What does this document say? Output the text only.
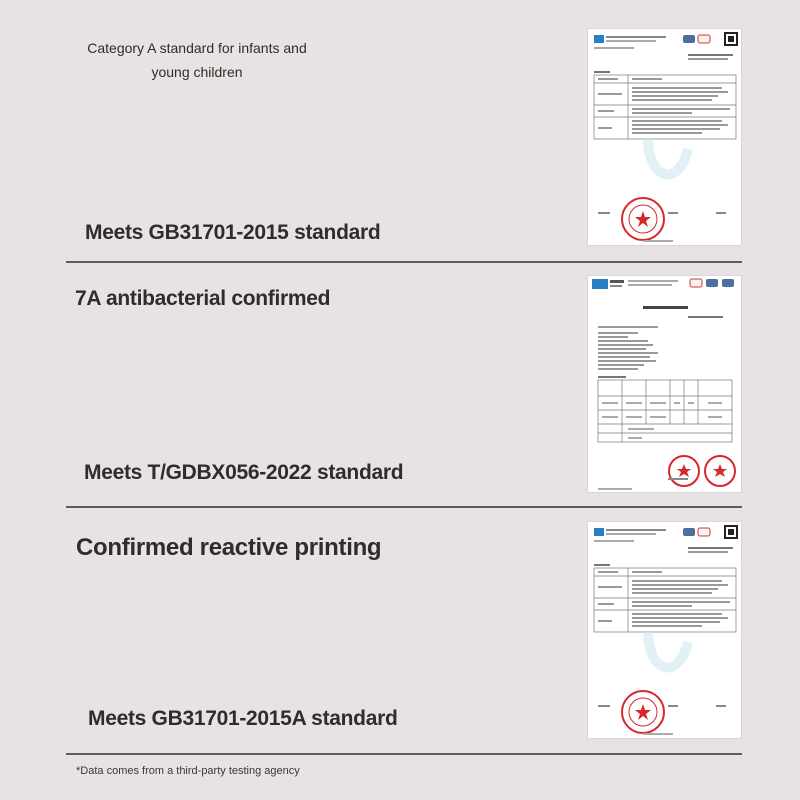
Category A standard for infants and young children
Meets GB31701-2015 standard
7A antibacterial confirmed
Meets T/GDBX056-2022 standard
Confirmed reactive printing
Meets GB31701-2015A standard
*Data comes from a third-party testing agency
